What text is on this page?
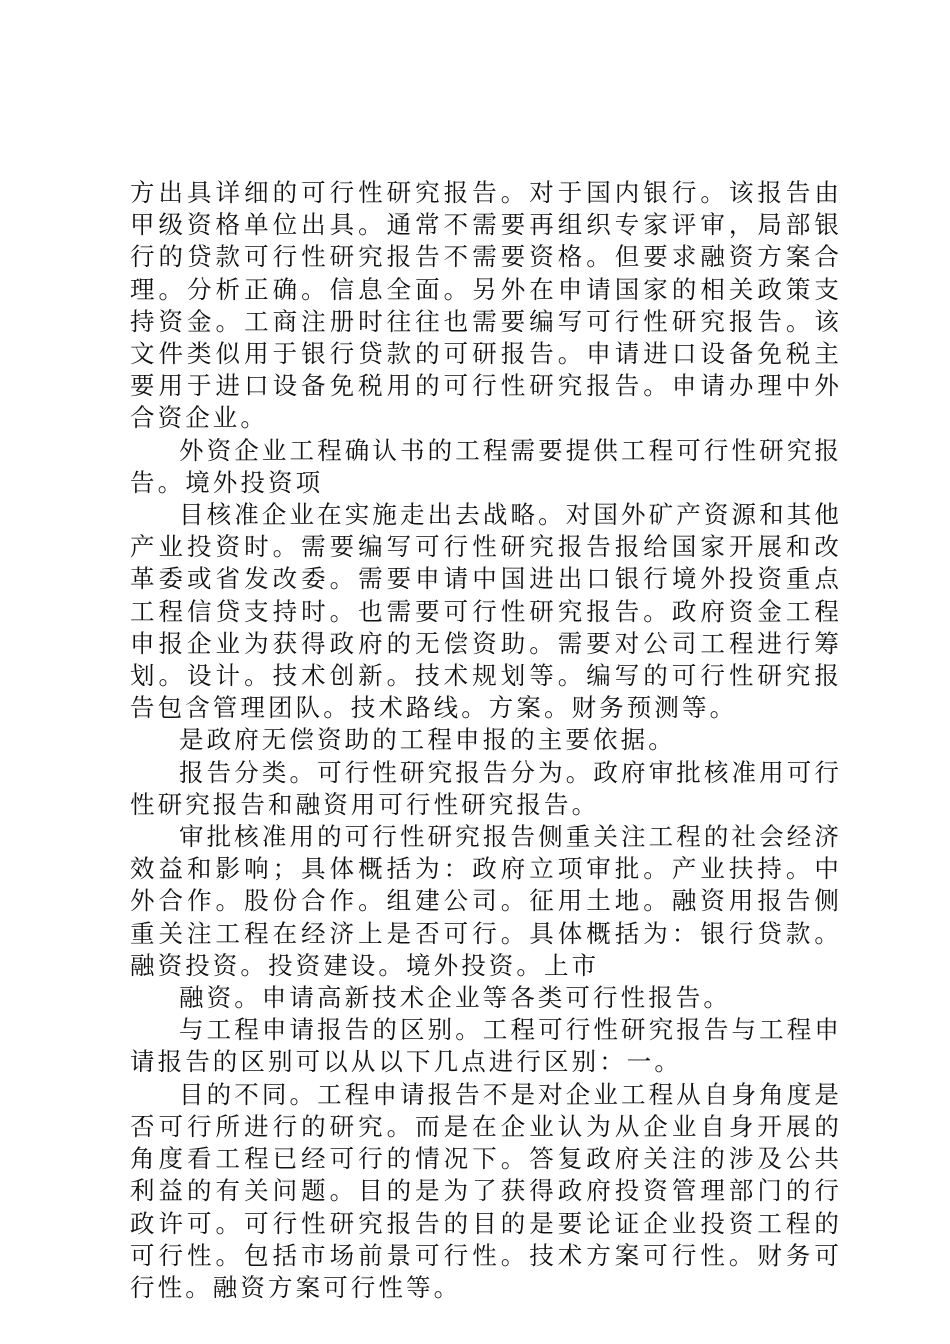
方出具详细的可行性研究报告。对于国内银行。该报告由甲级资格单位出具。通常不需要再组织专家评审，局部银行的贷款可行性研究报告不需要资格。但要求融资方案合理。分析正确。信息全面。另外在申请国家的相关政策支持资金。工商注册时往往也需要编写可行性研究报告。该文件类似用于银行贷款的可研报告。申请进口设备免税主要用于进口设备免税用的可行性研究报告。申请办理中外合资企业。

外资企业工程确认书的工程需要提供工程可行性研究报告。境外投资项

目核准企业在实施走出去战略。对国外矿产资源和其他产业投资时。需要编写可行性研究报告报给国家开展和改革委或省发改委。需要申请中国进出口银行境外投资重点工程信贷支持时。也需要可行性研究报告。政府资金工程申报企业为获得政府的无偿资助。需要对公司工程进行筹划。设计。技术创新。技术规划等。编写的可行性研究报告包含管理团队。技术路线。方案。财务预测等。

是政府无偿资助的工程申报的主要依据。

报告分类。可行性研究报告分为。政府审批核准用可行性研究报告和融资用可行性研究报告。

审批核准用的可行性研究报告侧重关注工程的社会经济效益和影响；具体概括为：政府立项审批。产业扶持。中外合作。股份合作。组建公司。征用土地。融资用报告侧重关注工程在经济上是否可行。具体概括为：银行贷款。融资投资。投资建设。境外投资。上市

融资。申请高新技术企业等各类可行性报告。

与工程申请报告的区别。工程可行性研究报告与工程申请报告的区别可以从以下几点进行区别：一。

目的不同。工程申请报告不是对企业工程从自身角度是否可行所进行的研究。而是在企业认为从企业自身开展的角度看工程已经可行的情况下。答复政府关注的涉及公共利益的有关问题。目的是为了获得政府投资管理部门的行政许可。可行性研究报告的目的是要论证企业投资工程的可行性。包括市场前景可行性。技术方案可行性。财务可行性。融资方案可行性等。
